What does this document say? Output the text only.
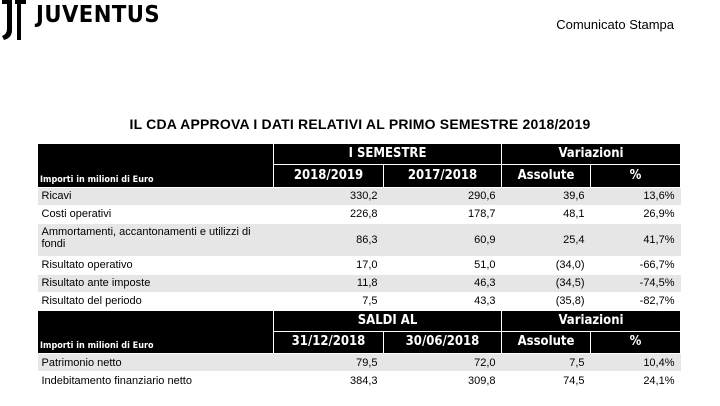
JUVENTUS	Comunicato Stampa
IL CDA APPROVA I DATI RELATIVI AL PRIMO SEMESTRE 2018/2019
	I SEMESTRE		Variazioni	
Importi in milioni di Euro	2018/2019	2017/2018	Assolute	%
Ricavi	330,2	290,6	39,6	13,6%
Costi operativi	226,8	178,7	48,1	26,9%
Ammortamenti, accantonamenti e utilizzi di fondi	86,3	60,9	25,4	41,7%
Risultato operativo	17,0	51,0	(34,0)	-66,7%
Risultato ante imposte	11,8	46,3	(34,5)	-74,5%
Risultato del periodo	7,5	43,3	(35,8)	-82,7%
	SALDI AL		Variazioni	
Importi in milioni di Euro	31/12/2018	30/06/2018	Assolute	%
Patrimonio netto	79,5	72,0	7,5	10,4%
Indebitamento finanziario netto	384,3	309,8	74,5	24,1%
